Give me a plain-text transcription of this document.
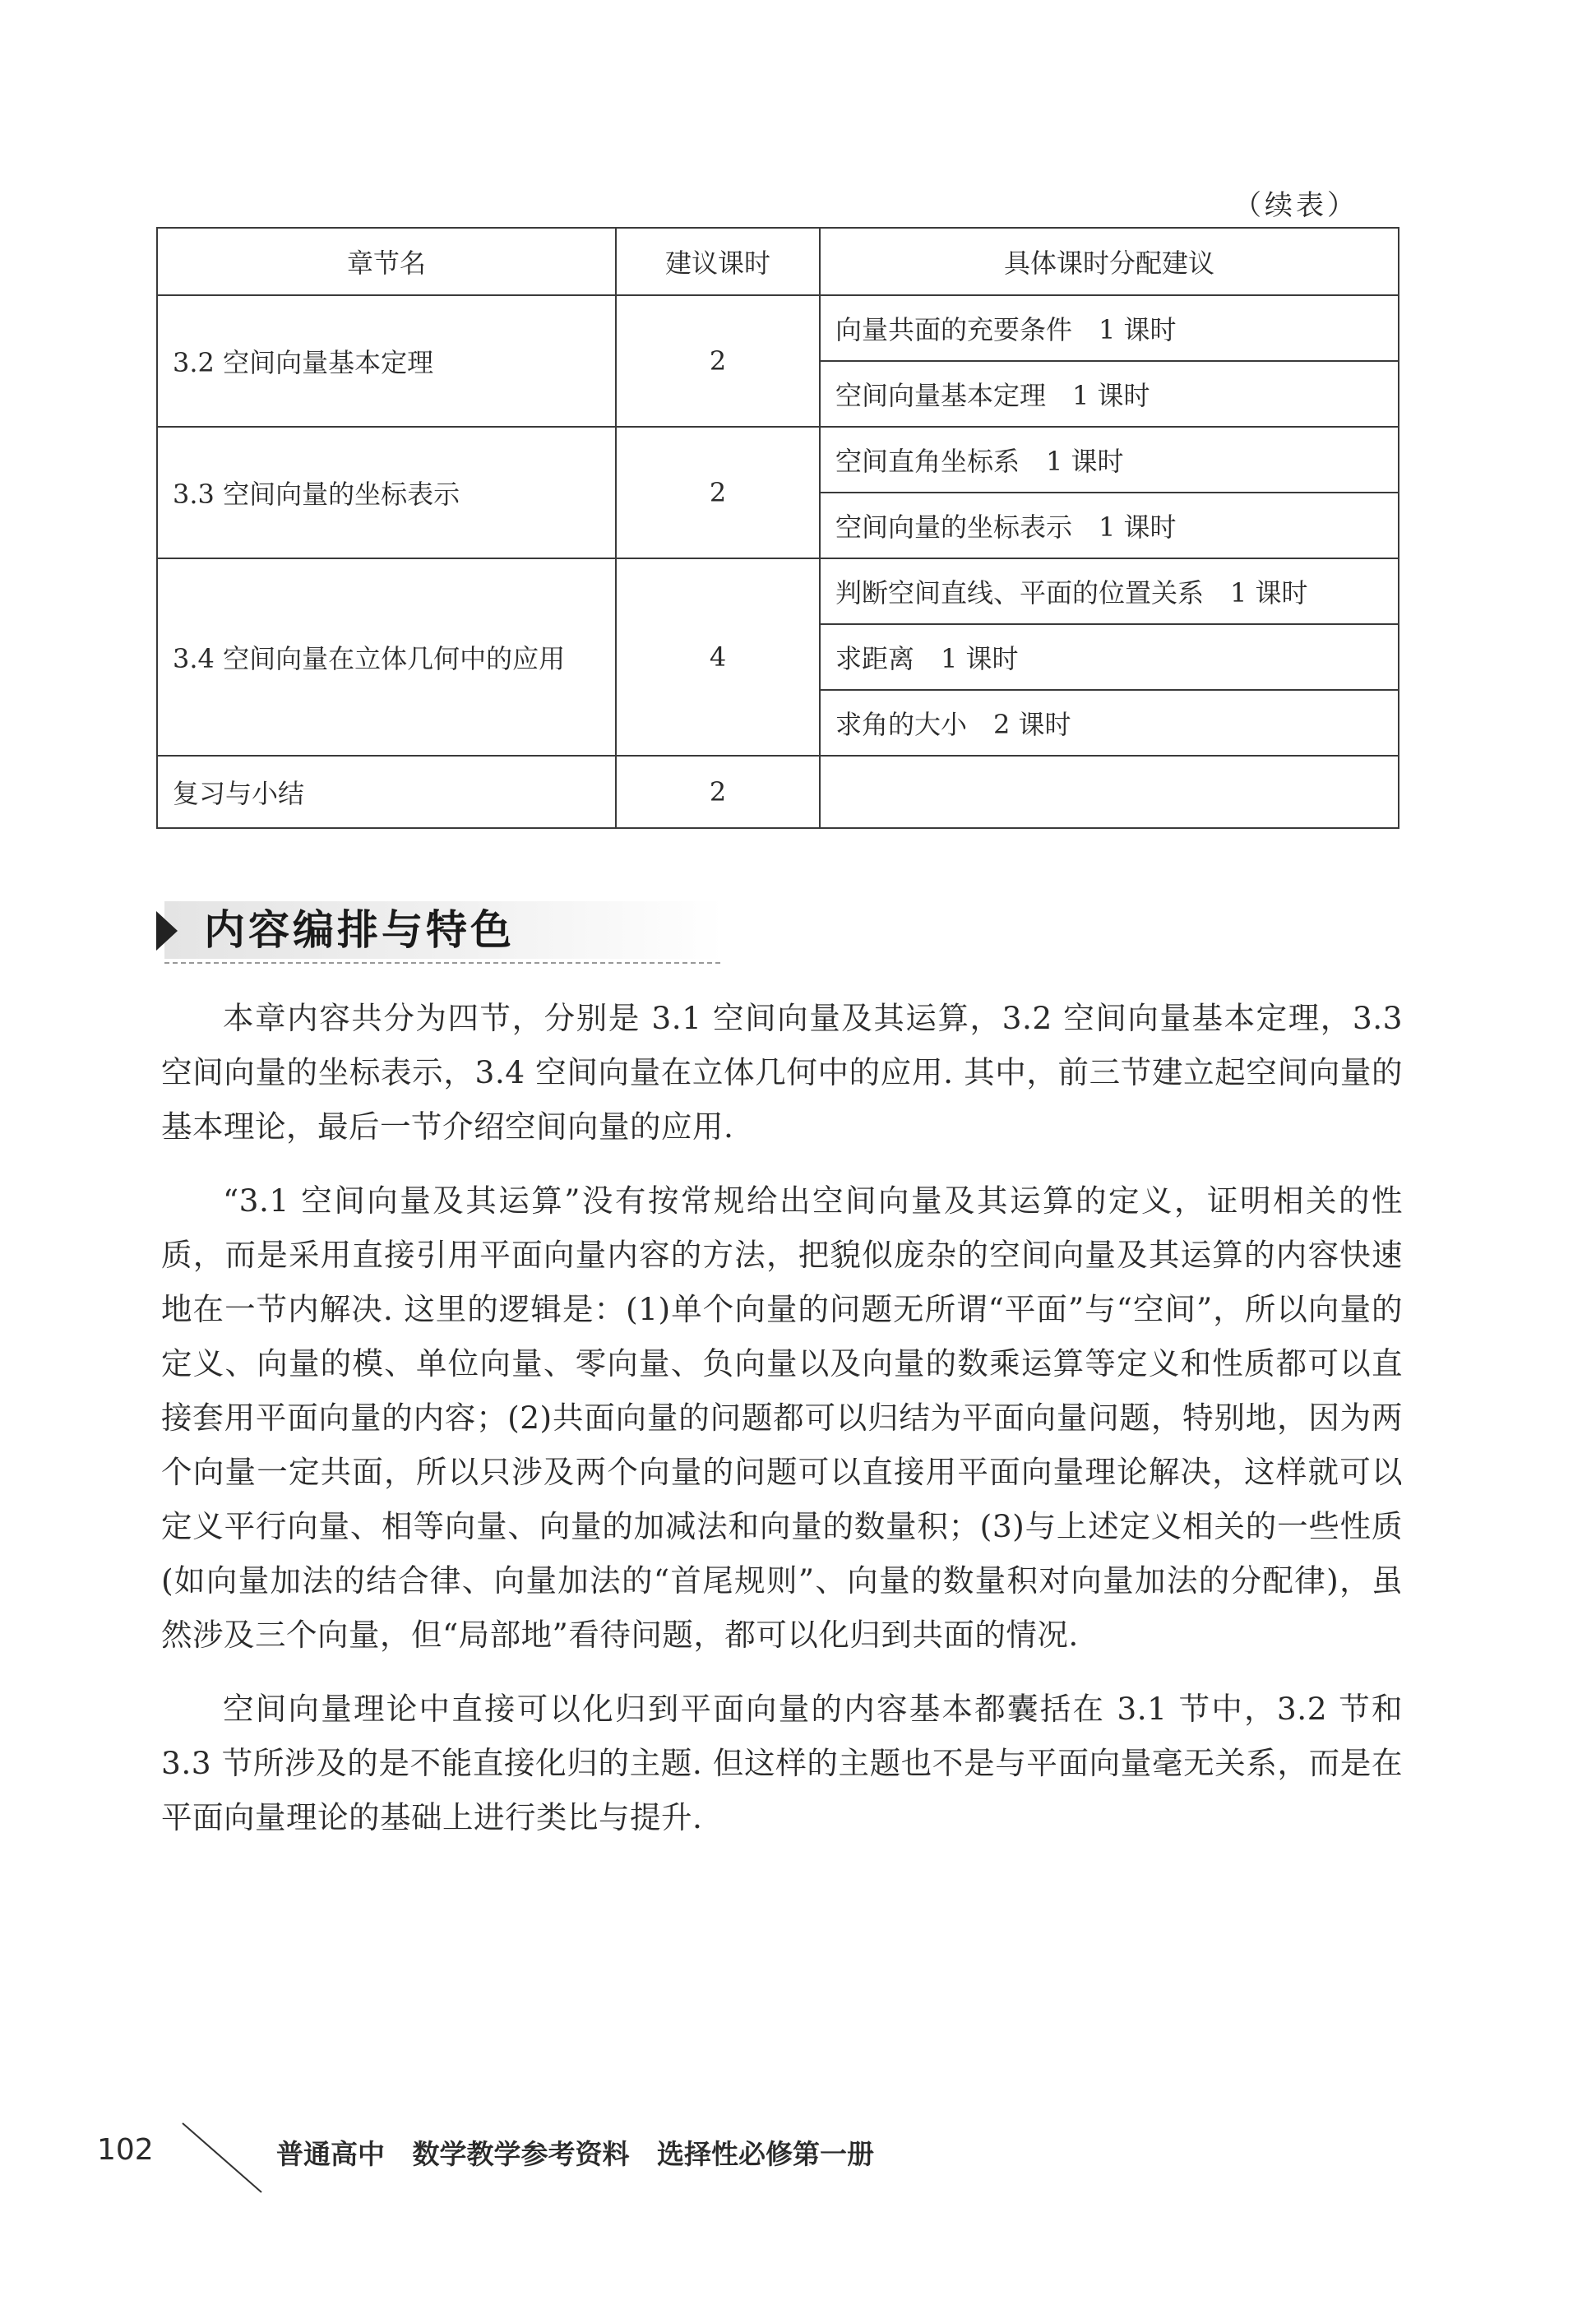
（续表）
章节名	建议课时	具体课时分配建议
3.2 空间向量基本定理	2	向量共面的充要条件　1 课时
		空间向量基本定理　1 课时
3.3 空间向量的坐标表示	2	空间直角坐标系　1 课时
		空间向量的坐标表示　1 课时
3.4 空间向量在立体几何中的应用	4	判断空间直线、平面的位置关系　1 课时
		求距离　1 课时
		求角的大小　2 课时
复习与小结	2	
内容编排与特色

本章内容共分为四节，分别是 3.1 空间向量及其运算，3.2 空间向量基本定理，3.3 空间向量的坐标表示，3.4 空间向量在立体几何中的应用. 其中，前三节建立起空间向量的基本理论，最后一节介绍空间向量的应用.

“3.1 空间向量及其运算”没有按常规给出空间向量及其运算的定义，证明相关的性质，而是采用直接引用平面向量内容的方法，把貌似庞杂的空间向量及其运算的内容快速地在一节内解决. 这里的逻辑是：(1)单个向量的问题无所谓“平面”与“空间”，所以向量的定义、向量的模、单位向量、零向量、负向量以及向量的数乘运算等定义和性质都可以直接套用平面向量的内容；(2)共面向量的问题都可以归结为平面向量问题，特别地，因为两个向量一定共面，所以只涉及两个向量的问题可以直接用平面向量理论解决，这样就可以定义平行向量、相等向量、向量的加减法和向量的数量积；(3)与上述定义相关的一些性质(如向量加法的结合律、向量加法的“首尾规则”、向量的数量积对向量加法的分配律)，虽然涉及三个向量，但“局部地”看待问题，都可以化归到共面的情况.

空间向量理论中直接可以化归到平面向量的内容基本都囊括在 3.1 节中，3.2 节和 3.3 节所涉及的是不能直接化归的主题. 但这样的主题也不是与平面向量毫无关系，而是在平面向量理论的基础上进行类比与提升.

102	普通高中 数学教学参考资料 选择性必修第一册
